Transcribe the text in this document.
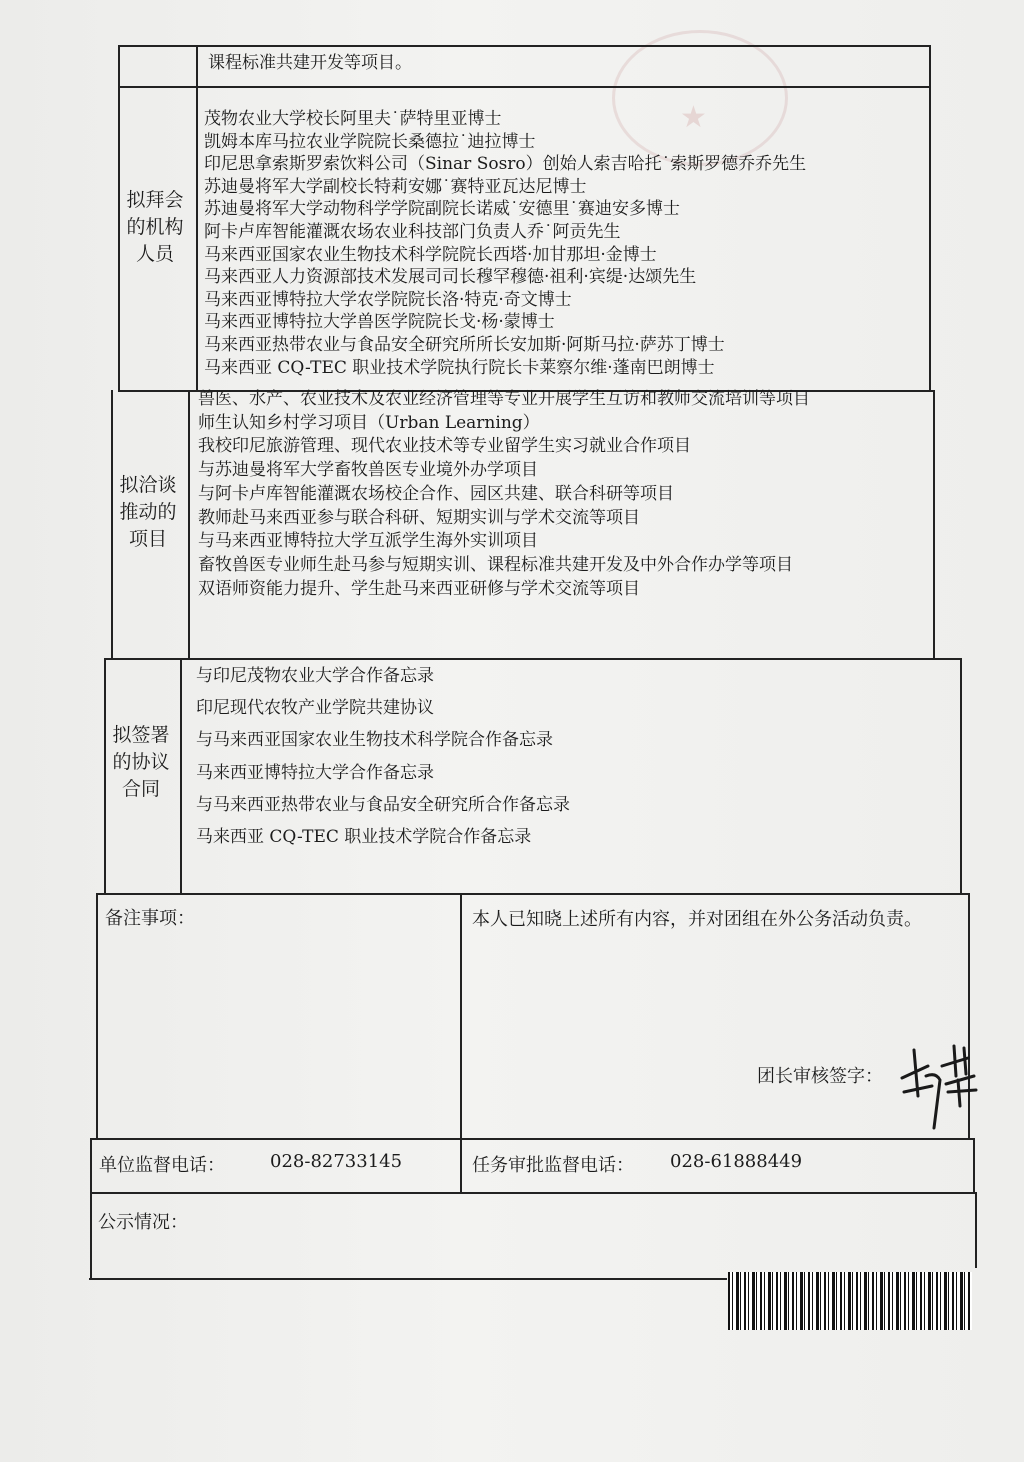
★
课程标准共建开发等项目。
拟拜会的机构人员
茂物农业大学校长阿里夫˙萨特里亚博士
凯姆本库马拉农业学院院长桑德拉˙迪拉博士
印尼思拿索斯罗索饮料公司（Sinar Sosro）创始人索吉哈托˙索斯罗德乔乔先生
苏迪曼将军大学副校长特莉安娜˙赛特亚瓦达尼博士
苏迪曼将军大学动物科学学院副院长诺威˙安德里˙赛迪安多博士
阿卡卢库智能灌溉农场农业科技部门负责人乔˙阿贡先生
马来西亚国家农业生物技术科学院院长西塔·加甘那坦·金博士
马来西亚人力资源部技术发展司司长穆罕穆德·祖利·宾缇·达颂先生
马来西亚博特拉大学农学院院长洛·特克·奇文博士
马来西亚博特拉大学兽医学院院长戈·杨·蒙博士
马来西亚热带农业与食品安全研究所所长安加斯·阿斯马拉·萨苏丁博士
马来西亚 CQ-TEC 职业技术学院执行院长卡莱察尔维·蓬南巴朗博士
拟洽谈推动的项目
兽医、水产、农业技术及农业经济管理等专业开展学生互访和教师交流培训等项目
师生认知乡村学习项目（Urban Learning）
我校印尼旅游管理、现代农业技术等专业留学生实习就业合作项目
与苏迪曼将军大学畜牧兽医专业境外办学项目
与阿卡卢库智能灌溉农场校企合作、园区共建、联合科研等项目
教师赴马来西亚参与联合科研、短期实训与学术交流等项目
与马来西亚博特拉大学互派学生海外实训项目
畜牧兽医专业师生赴马参与短期实训、课程标准共建开发及中外合作办学等项目
双语师资能力提升、学生赴马来西亚研修与学术交流等项目
拟签署的协议合同
与印尼茂物农业大学合作备忘录
印尼现代农牧产业学院共建协议
与马来西亚国家农业生物技术科学院合作备忘录
马来西亚博特拉大学合作备忘录
与马来西亚热带农业与食品安全研究所合作备忘录
马来西亚 CQ-TEC 职业技术学院合作备忘录
备注事项：	本人已知晓上述所有内容，并对团组在外公务活动负责。
团长审核签字：
单位监督电话：	028-82733145	任务审批监督电话： 028-61888449
公示情况：
